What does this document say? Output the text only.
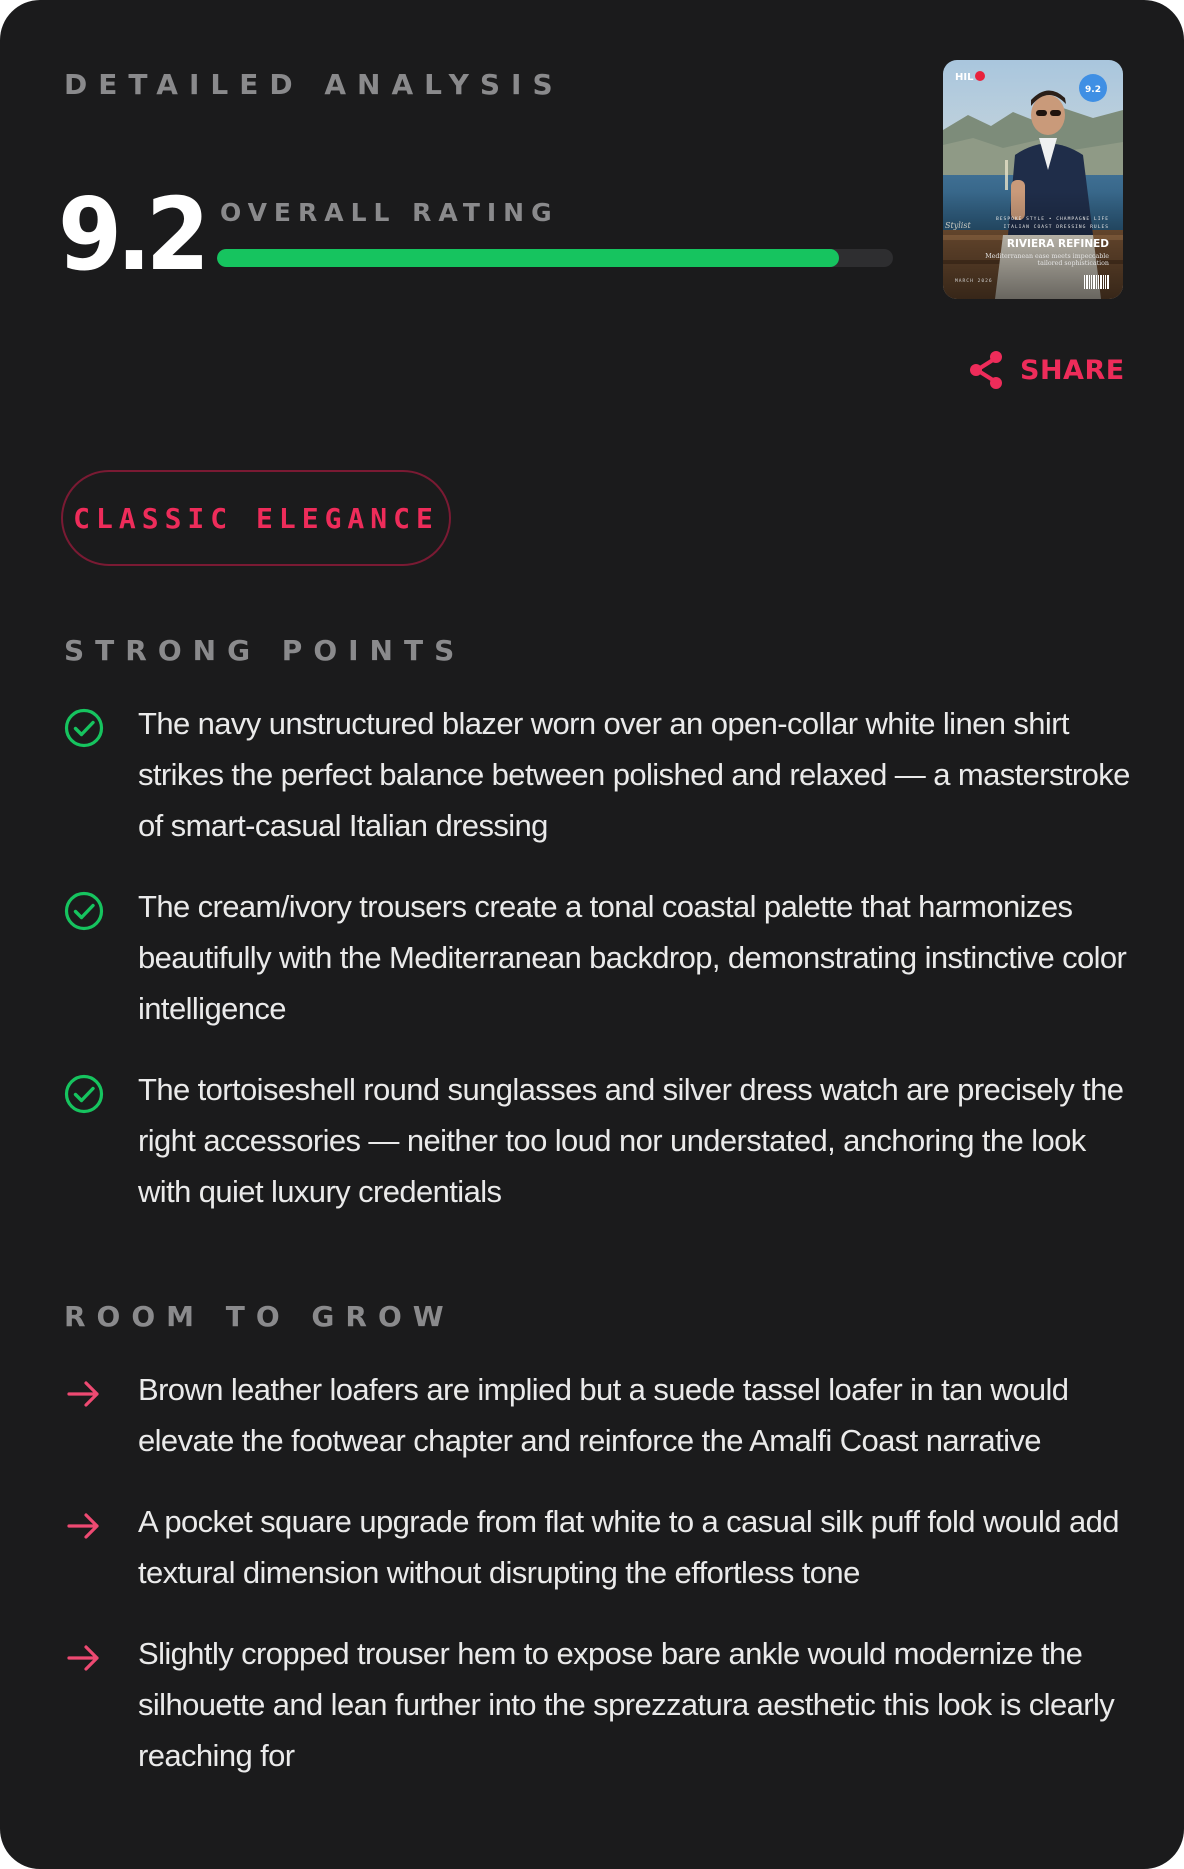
DETAILED ANALYSIS
9.2 OVERALL RATING
HIL
9.2
BESPOKE STYLE • CHAMPAGNE LIFE
ITALIAN COAST DRESSING RULES
Stylist
RIVIERA REFINED
Mediterranean ease meets impeccable
tailored sophistication
MARCH 2026
SHARE
CLASSIC ELEGANCE
STRONG POINTS
The navy unstructured blazer worn over an open-collar white linen shirt strikes the perfect balance between polished and relaxed — a masterstroke of smart-casual Italian dressing
The cream/ivory trousers create a tonal coastal palette that harmonizes beautifully with the Mediterranean backdrop, demonstrating instinctive color intelligence
The tortoiseshell round sunglasses and silver dress watch are precisely the right accessories — neither too loud nor understated, anchoring the look with quiet luxury credentials
ROOM TO GROW
Brown leather loafers are implied but a suede tassel loafer in tan would elevate the footwear chapter and reinforce the Amalfi Coast narrative
A pocket square upgrade from flat white to a casual silk puff fold would add textural dimension without disrupting the effortless tone
Slightly cropped trouser hem to expose bare ankle would modernize the silhouette and lean further into the sprezzatura aesthetic this look is clearly reaching for
